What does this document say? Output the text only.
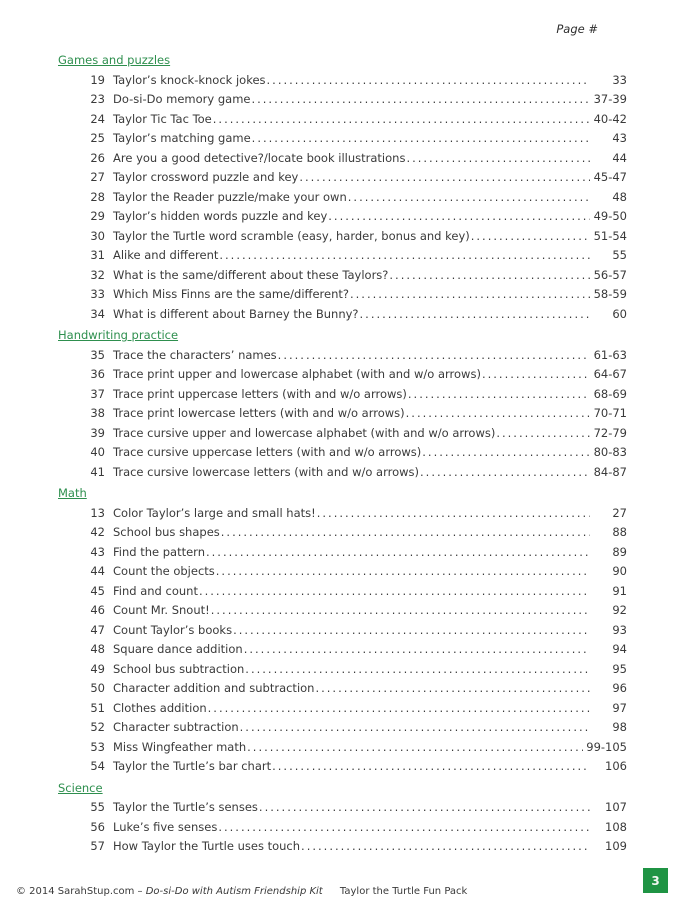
Page #
Games and puzzles
19 Taylor’s knock-knock jokes .....	33
23 Do-si-Do memory game .....	37-39
24 Taylor Tic Tac Toe .....	40-42
25 Taylor’s matching game .....	43
26 Are you a good detective?/locate book illustrations .....	44
27 Taylor crossword puzzle and key .....	45-47
28 Taylor the Reader puzzle/make your own .....	48
29 Taylor’s hidden words puzzle and key .....	49-50
30 Taylor the Turtle word scramble (easy, harder, bonus and key) .....	51-54
31 Alike and different .....	55
32 What is the same/different about these Taylors? .....	56-57
33 Which Miss Finns are the same/different? .....	58-59
34 What is different about Barney the Bunny? .....	60
Handwriting practice
35 Trace the characters’ names .....	61-63
36 Trace print upper and lowercase alphabet (with and w/o arrows) .....	64-67
37 Trace print uppercase letters (with and w/o arrows) .....	68-69
38 Trace print lowercase letters (with and w/o arrows) .....	70-71
39 Trace cursive upper and lowercase alphabet (with and w/o arrows) .....	72-79
40 Trace cursive uppercase letters (with and w/o arrows) .....	80-83
41 Trace cursive lowercase letters (with and w/o arrows) .....	84-87
Math
13 Color Taylor’s large and small hats! .....	27
42 School bus shapes .....	88
43 Find the pattern .....	89
44 Count the objects .....	90
45 Find and count .....	91
46 Count Mr. Snout! .....	92
47 Count Taylor’s books .....	93
48 Square dance addition .....	94
49 School bus subtraction .....	95
50 Character addition and subtraction .....	96
51 Clothes addition .....	97
52 Character subtraction .....	98
53 Miss Wingfeather math .....	99-105
54 Taylor the Turtle’s bar chart .....	106
Science
55 Taylor the Turtle’s senses .....	107
56 Luke’s five senses .....	108
57 How Taylor the Turtle uses touch .....	109
© 2014 SarahStup.com – Do-si-Do with Autism Friendship Kit Taylor the Turtle Fun Pack
3
